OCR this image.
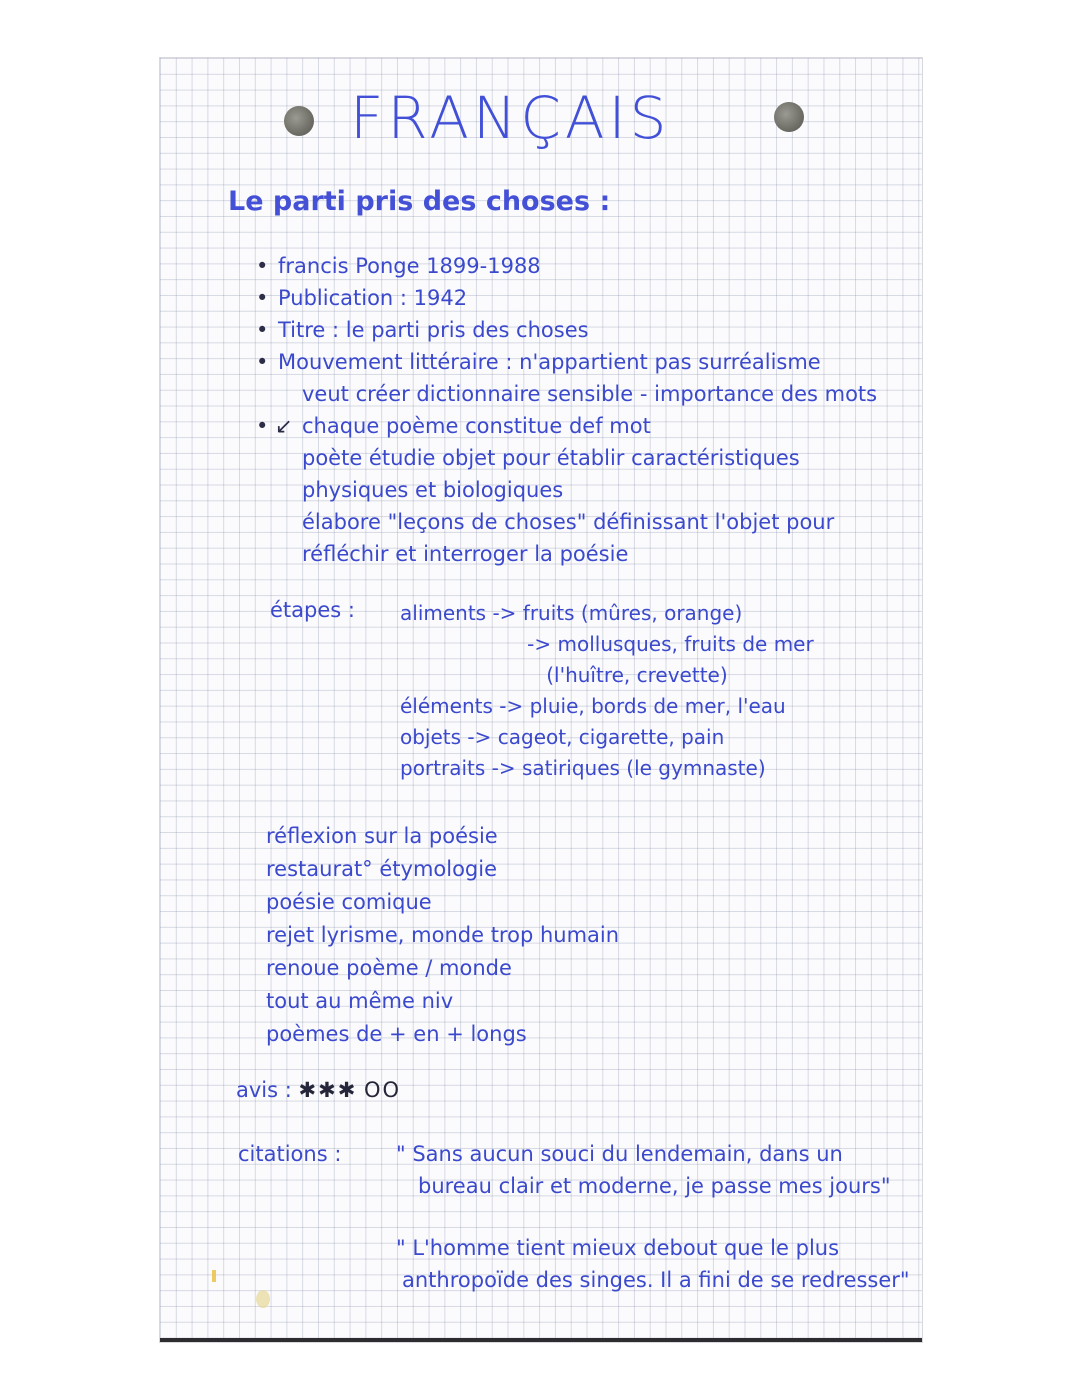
FRANÇAIS
Le parti pris des choses :
• francis Ponge 1899-1988
• Publication : 1942
• Titre : le parti pris des choses
• Mouvement littéraire : n'appartient pas surréalisme
veut créer dictionnaire sensible - importance des mots
• ↙ chaque poème constitue def mot
poète étudie objet pour établir caractéristiques
physiques et biologiques
élabore "leçons de choses" définissant l'objet pour
réfléchir et interroger la poésie
étapes : aliments -> fruits (mûres, orange)
-> mollusques, fruits de mer
(l'huître, crevette)
éléments -> pluie, bords de mer, l'eau
objets -> cageot, cigarette, pain
portraits -> satiriques (le gymnaste)
réflexion sur la poésie
restaurat° étymologie
poésie comique
rejet lyrisme, monde trop humain
renoue poème / monde
tout au même niv
poèmes de + en + longs
avis : ✱✱✱ OO
citations :	" Sans aucun souci du lendemain, dans un
bureau clair et moderne, je passe mes jours"
" L'homme tient mieux debout que le plus
anthropoïde des singes. Il a fini de se redresser"
